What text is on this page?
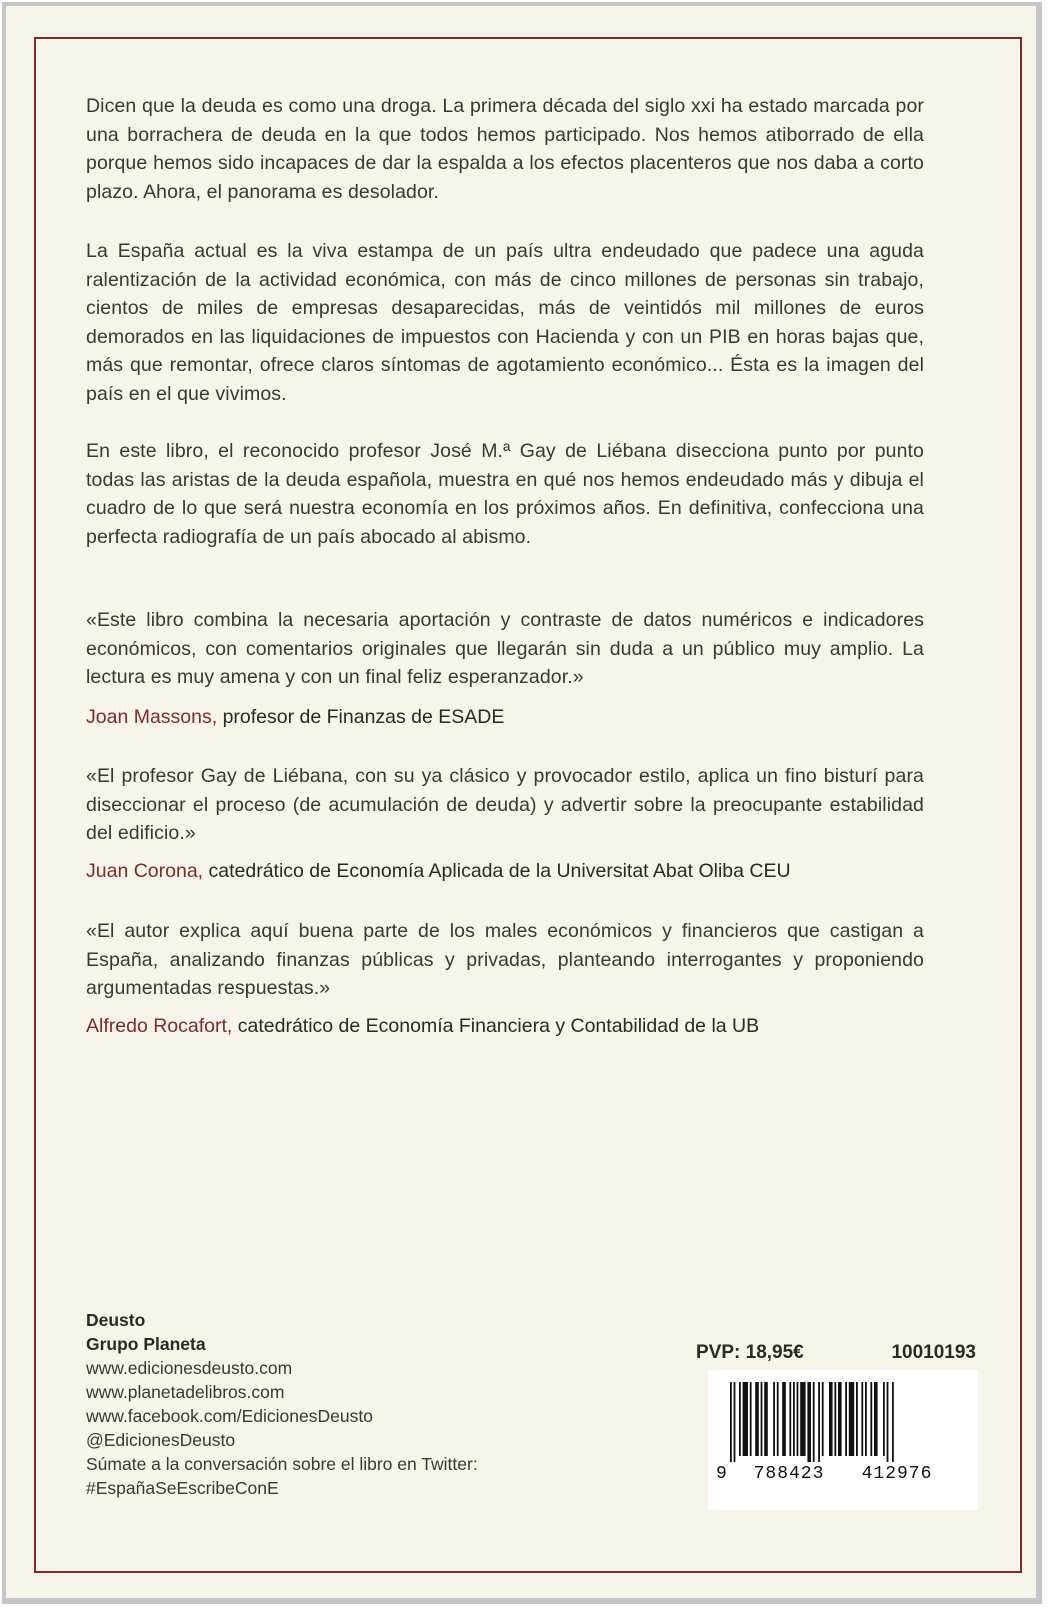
Dicen que la deuda es como una droga. La primera década del siglo xxi ha estado marcada por una borrachera de deuda en la que todos hemos participado. Nos hemos atiborrado de ella porque hemos sido incapaces de dar la espalda a los efectos placenteros que nos daba a corto plazo. Ahora, el panorama es desolador.

La España actual es la viva estampa de un país ultra endeudado que padece una aguda ralentización de la actividad económica, con más de cinco millones de personas sin trabajo, cientos de miles de empresas desaparecidas, más de veintidós mil millones de euros demorados en las liquidaciones de impuestos con Hacienda y con un PIB en horas bajas que, más que remontar, ofrece claros síntomas de agotamiento económico... Ésta es la imagen del país en el que vivimos.

En este libro, el reconocido profesor José M.ª Gay de Liébana disecciona punto por punto todas las aristas de la deuda española, muestra en qué nos hemos endeudado más y dibuja el cuadro de lo que será nuestra economía en los próximos años. En definitiva, confecciona una perfecta radiografía de un país abocado al abismo.

«Este libro combina la necesaria aportación y contraste de datos numéricos e indicadores económicos, con comentarios originales que llegarán sin duda a un público muy amplio. La lectura es muy amena y con un final feliz esperanzador.»

Joan Massons, profesor de Finanzas de ESADE

«El profesor Gay de Liébana, con su ya clásico y provocador estilo, aplica un fino bisturí para diseccionar el proceso (de acumulación de deuda) y advertir sobre la preocupante estabilidad del edificio.»

Juan Corona, catedrático de Economía Aplicada de la Universitat Abat Oliba CEU

«El autor explica aquí buena parte de los males económicos y financieros que castigan a España, analizando finanzas públicas y privadas, planteando interrogantes y proponiendo argumentadas respuestas.»

Alfredo Rocafort, catedrático de Economía Financiera y Contabilidad de la UB
Deusto
Grupo Planeta
www.edicionesdeusto.com
www.planetadelibros.com
www.facebook.com/EdicionesDeusto
@EdicionesDeusto
Súmate a la conversación sobre el libro en Twitter:
#EspañaSeEscribeConE
PVP: 18,95€	10010193
9	788423	412976
